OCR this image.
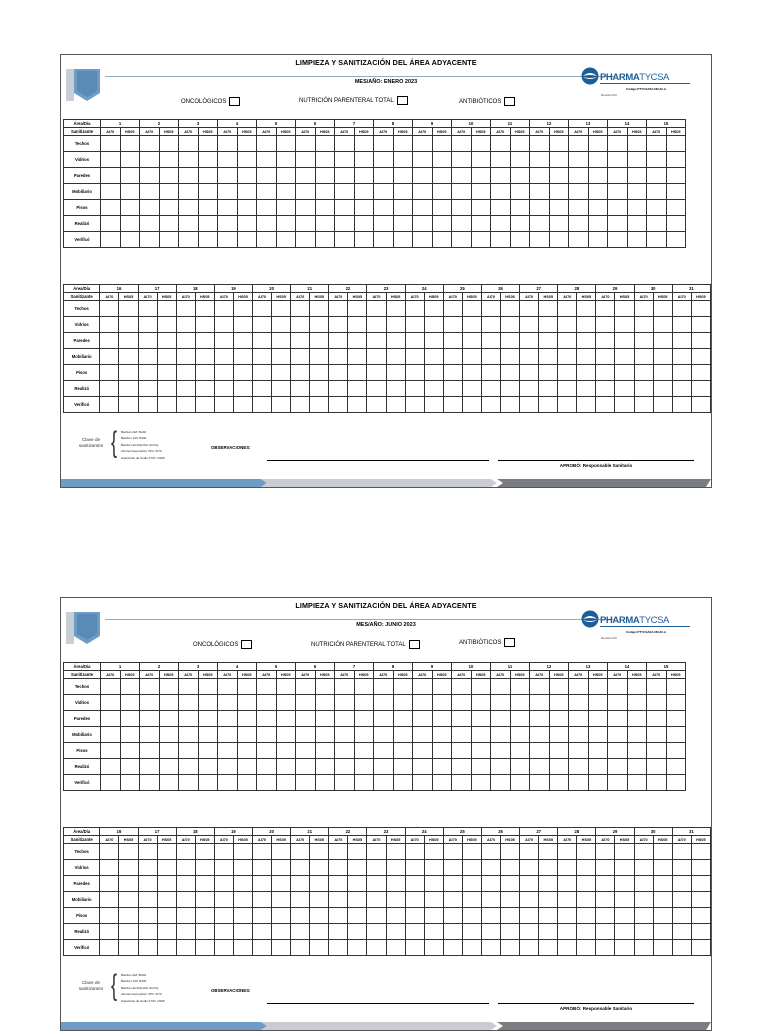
LIMPIEZA Y SANITIZACIÓN DEL ÁREA ADYACENTE
MES/AÑO: ENERO 2023	PHARMATYCSA
Código:PTYCSA03-CM-22-A
Revisión:03
ONCOLÓGICOS	NUTRICIÓN PARENTERAL TOTAL	ANTIBIÓTICOS
Área/Día	1		2		3		4		5		6		7		8		9		10		11		12		13		14		15	
Sanitizante	AI70	HS05	AI70	HS05	AI70	HS05	AI70	HS05	AI70	HS05	AI70	HS05	AI70	HS05	AI70	HS05	AI70	HS05	AI70	HS05	AI70	HS05	AI70	HS05	AI70	HS05	AI70	HS05	AI70	HS05
Techos																														
Vidrios																														
Paredes																														
Mobiliario																														
Pisos																														
Realizó																														
Verificó																														
Área/Día	16		17		18		19		20		21		22		23		24		25		26		27		28		29		30		31	
Sanitizante	AI70	HS05	AI70	HS05	AI70	HS05	AI70	HS05	AI70	HS05	AI70	HS05	AI70	HS05	AI70	HS05	AI70	HS05	AI70	HS05	AI70	HS05	AI70	HS05	AI70	HS05	AI70	HS05	AI70	HS05	AI70	HS05
Techos																																
Vidrios																																
Paredes																																
Mobiliario																																
Pisos																																
Realizó																																
Verificó																																
Clave de sanitizantes { Bactlum AM: BH04
Bactlum 100: B100
Bactlum ECOQUAD: ECOQ
Alcohol Isopropílico 70%: AI70
Hipoclorito de Sodio 0.5%: HS05
OBSERVACIONES:
APROBÓ: Responsable Sanitario
LIMPIEZA Y SANITIZACIÓN DEL ÁREA ADYACENTE
MES/AÑO: JUNIO 2023	PHARMATYCSA
Código:PTYCSA03-CM-22-A
Revisión:03
ONCOLÓGICOS	NUTRICIÓN PARENTERAL TOTAL	ANTIBIÓTICOS
Área/Día	1		2		3		4		5		6		7		8		9		10		11		12		13		14		15	
Sanitizante	AI70	HS05	AI70	HS05	AI70	HS05	AI70	HS05	AI70	HS05	AI70	HS05	AI70	HS05	AI70	HS05	AI70	HS05	AI70	HS05	AI70	HS05	AI70	HS05	AI70	HS05	AI70	HS05	AI70	HS05
Techos																														
Vidrios																														
Paredes																														
Mobiliario																														
Pisos																														
Realizó																														
Verificó																														
Área/Día	16		17		18		19		20		21		22		23		24		25		26		27		28		29		30		31	
Sanitizante	AI70	HS05	AI70	HS05	AI70	HS05	AI70	HS05	AI70	HS05	AI70	HS05	AI70	HS05	AI70	HS05	AI70	HS05	AI70	HS05	AI70	HS05	AI70	HS05	AI70	HS05	AI70	HS05	AI70	HS05	AI70	HS05
Techos																																
Vidrios																																
Paredes																																
Mobiliario																																
Pisos																																
Realizó																																
Verificó																																
Clave de sanitizantes { Bactlum AM: BH04
Bactlum 100: B100
Bactlum ECOQUAD: ECOQ
Alcohol Isopropílico 70%: AI70
Hipoclorito de Sodio 0.5%: HS05
OBSERVACIONES:
APROBÓ: Responsable Sanitario
